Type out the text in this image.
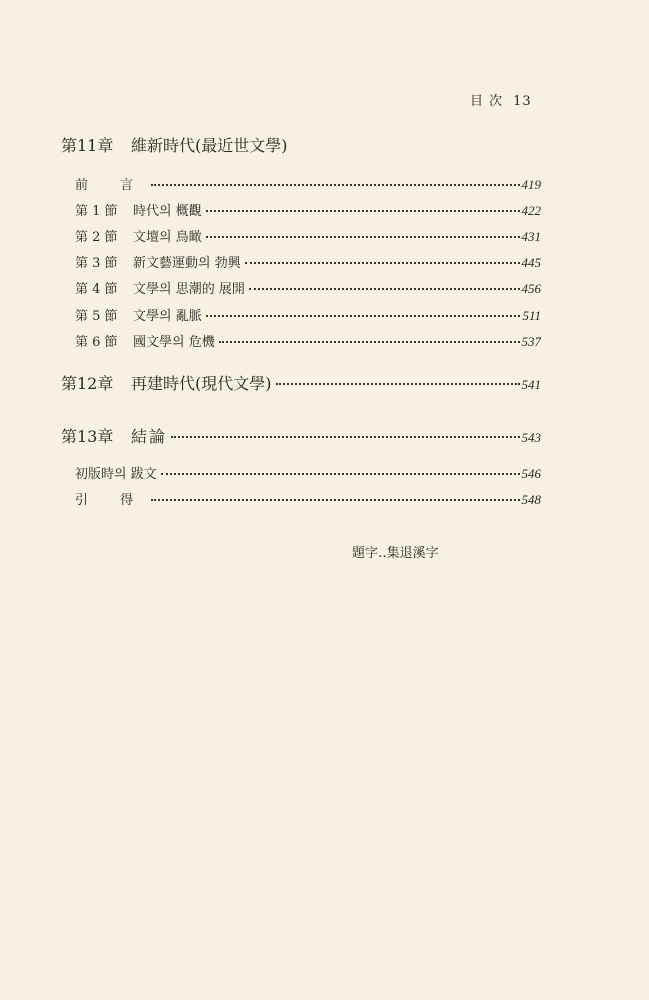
目 次 13
第11章	維新時代(最近世文學)
前 言	419
第 1 節	時代의 概觀	422
第 2 節	文壇의 鳥瞰	431
第 3 節	新文藝運動의 勃興	445
第 4 節	文學의 思潮的 展開	456
第 5 節	文學의 亂脈	511
第 6 節	國文學의 危機	537
第12章	再建時代(現代文學)	541
第13章	結論	543
初版時의 跋文	546
引 得	548
題字‥集退溪字
